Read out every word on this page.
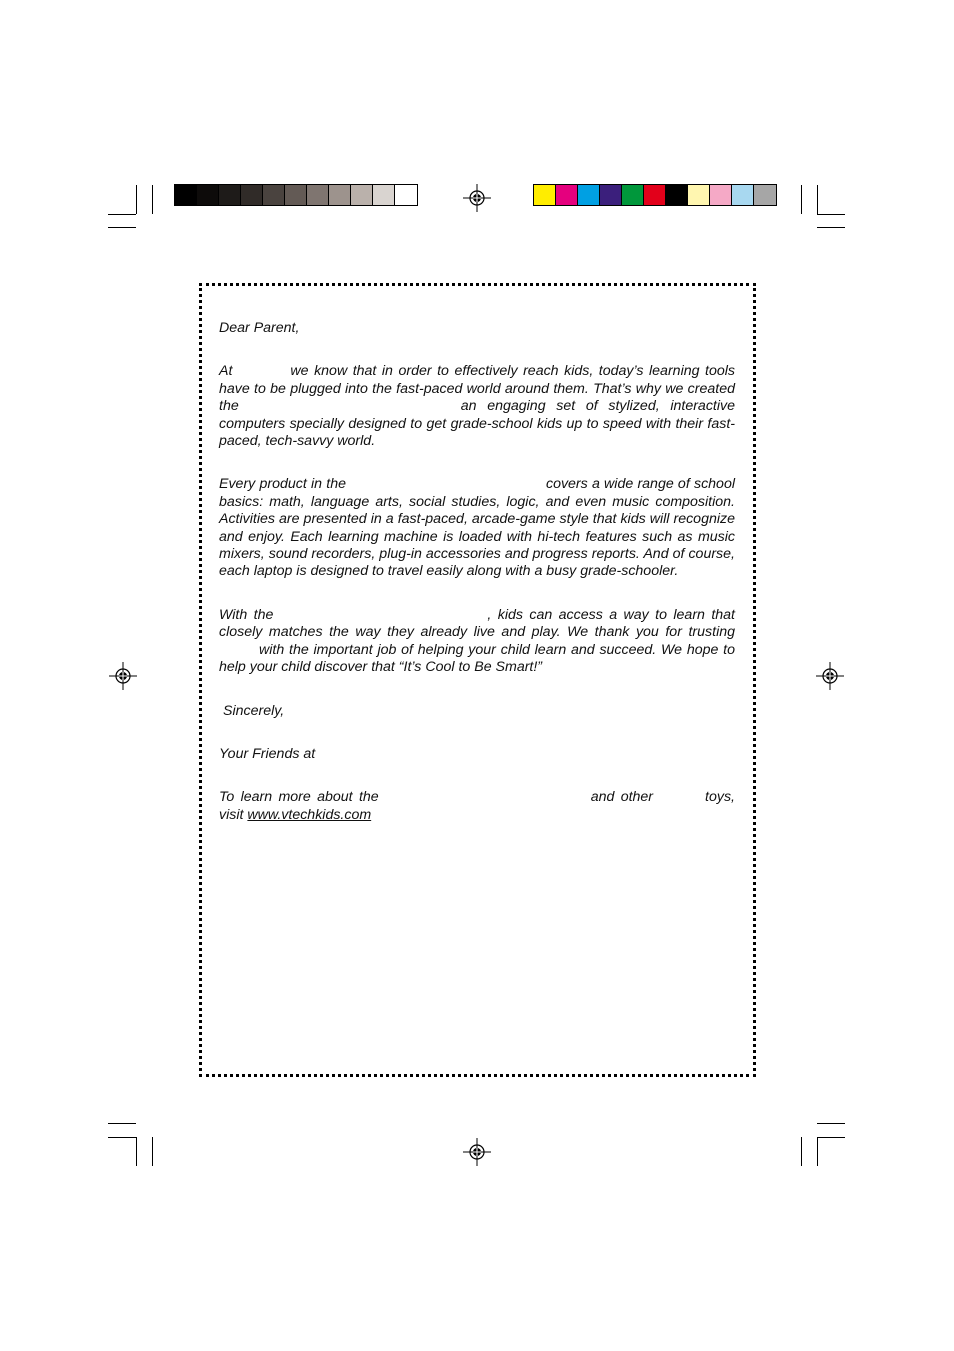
Dear Parent,

At	we know that in order to effectively reach kids, today’s learning tools have to be plugged into the fast-paced world around them. That’s why we created the	an engaging set of stylized, interactive computers specially designed to get grade-school kids up to speed with their fast-paced, tech-savvy world.

Every product in the	covers a wide range of school basics: math, language arts, social studies, logic, and even music composition. Activities are presented in a fast-paced, arcade-game style that kids will recognize and enjoy. Each learning machine is loaded with hi-tech features such as music mixers, sound recorders, plug-in accessories and progress reports. And of course, each laptop is designed to travel easily along with a busy grade-schooler.

With the	, kids can access a way to learn that closely matches the way they already live and play. We thank you for trustingwith the important job of helping your child learn and succeed. We hope to help your child discover that “It’s Cool to Be Smart!”

Sincerely,

Your Friends at

To learn more about the	and other	toys, visit www.vtechkids.com
